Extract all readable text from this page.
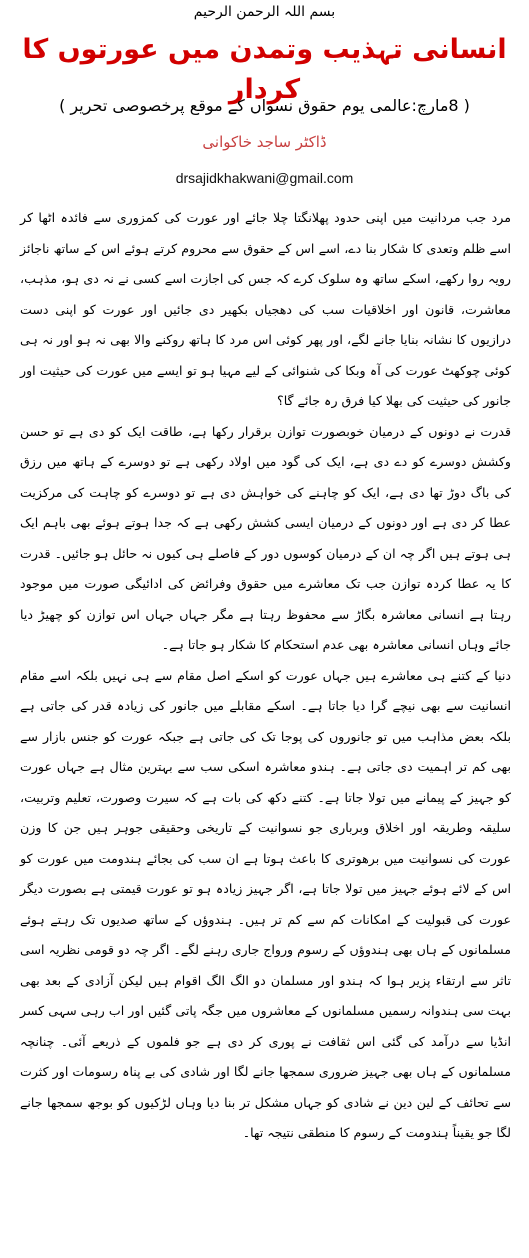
بسم اللہ الرحمن الرحیم
انسانی تہذیب وتمدن میں عورتوں کا کردار
( 8مارچ:عالمی یوم حقوق نسواں کے موقع پرخصوصی تحریر )
ڈاکٹر ساجد خاکوانی
drsajidkhakwani@gmail.com

مرد جب مردانیت میں اپنی حدود پھلانگتا چلا جائے اور عورت کی کمزوری سے فائدہ اٹھا کر اسے ظلم وتعدی کا شکار بنا دے، اسے اس کے حقوق سے محروم کرتے ہوئے اس کے ساتھ ناجائز رویہ روا رکھے، اسکے ساتھ وہ سلوک کرے کہ جس کی اجازت اسے کسی نے نہ دی ہو، مذہب، معاشرت، قانون اور اخلاقیات سب کی دھجیاں بکھیر دی جائیں اور عورت کو اپنی دست درازیوں کا نشانہ بنایا جانے لگے، اور پھر کوئی اس مرد کا ہاتھ روکنے والا بھی نہ ہو اور نہ ہی کوئی چوکھٹ عورت کی آہ وبکا کی شنوائی کے لیے مہیا ہو تو ایسے میں عورت کی حیثیت اور جانور کی حیثیت کی بھلا کیا فرق رہ جائے گا؟

قدرت نے دونوں کے درمیان خوبصورت توازن برقرار رکھا ہے، طاقت ایک کو دی ہے تو حسن وکشش دوسرے کو دے دی ہے، ایک کی گود میں اولاد رکھی ہے تو دوسرے کے ہاتھ میں رزق کی باگ دوڑ تھا دی ہے، ایک کو چاہنے کی خواہش دی ہے تو دوسرے کو چاہت کی مرکزیت عطا کر دی ہے اور دونوں کے درمیان ایسی کشش رکھی ہے کہ جدا ہوتے ہوئے بھی باہم ایک ہی ہوتے ہیں اگر چہ ان کے درمیان کوسوں دور کے فاصلے ہی کیوں نہ حائل ہو جائیں۔ قدرت کا یہ عطا کردہ توازن جب تک معاشرے میں حقوق وفرائض کی ادائیگی صورت میں موجود رہتا ہے انسانی معاشرہ بگاڑ سے محفوظ رہتا ہے مگر جہاں جہاں اس توازن کو چھیڑ دیا جائے وہاں انسانی معاشرہ بھی عدم استحکام کا شکار ہو جاتا ہے۔

دنیا کے کتنے ہی معاشرے ہیں جہاں عورت کو اسکے اصل مقام سے ہی نہیں بلکہ اسے مقام انسانیت سے بھی نیچے گرا دیا جاتا ہے۔ اسکے مقابلے میں جانور کی زیادہ قدر کی جاتی ہے بلکہ بعض مذاہب میں تو جانوروں کی پوجا تک کی جاتی ہے جبکہ عورت کو جنس بازار سے بھی کم تر اہمیت دی جاتی ہے۔ ہندو معاشرہ اسکی سب سے بہترین مثال ہے جہاں عورت کو جہیز کے پیمانے میں تولا جاتا ہے۔ کتنے دکھ کی بات ہے کہ سیرت وصورت، تعلیم وتربیت، سلیقہ وطریقہ اور اخلاق وبرباری جو نسوانیت کے تاریخی وحقیقی جوہر ہیں جن کا وزن عورت کی نسوانیت میں برھوتری کا باعث ہوتا ہے ان سب کی بجائے ہندومت میں عورت کو اس کے لائے ہوئے جہیز میں تولا جاتا ہے، اگر جہیز زیادہ ہو تو عورت قیمتی ہے بصورت دیگر عورت کی قبولیت کے امکانات کم سے کم تر ہیں۔ ہندوؤں کے ساتھ صدیوں تک رہتے ہوئے مسلمانوں کے ہاں بھی ہندوؤں کے رسوم ورواج جاری رہنے لگے۔ اگر چہ دو قومی نظریہ اسی تاثر سے ارتقاء پزیر ہوا کہ ہندو اور مسلمان دو الگ الگ اقوام ہیں لیکن آزادی کے بعد بھی بہت سی ہندوانہ رسمیں مسلمانوں کے معاشروں میں جگہ پاتی گئیں اور اب رہی سہی کسر انڈیا سے درآمد کی گئی اس ثقافت نے پوری کر دی ہے جو فلموں کے ذریعے آئی۔ چنانچہ مسلمانوں کے ہاں بھی جہیز ضروری سمجھا جانے لگا اور شادی کی بے پناہ رسومات اور کثرت سے تحائف کے لین دین نے شادی کو جہاں مشکل تر بنا دیا وہاں لڑکیوں کو بوجھ سمجھا جانے لگا جو یقیناً ہندومت کے رسوم کا منطقی نتیجہ تھا۔
